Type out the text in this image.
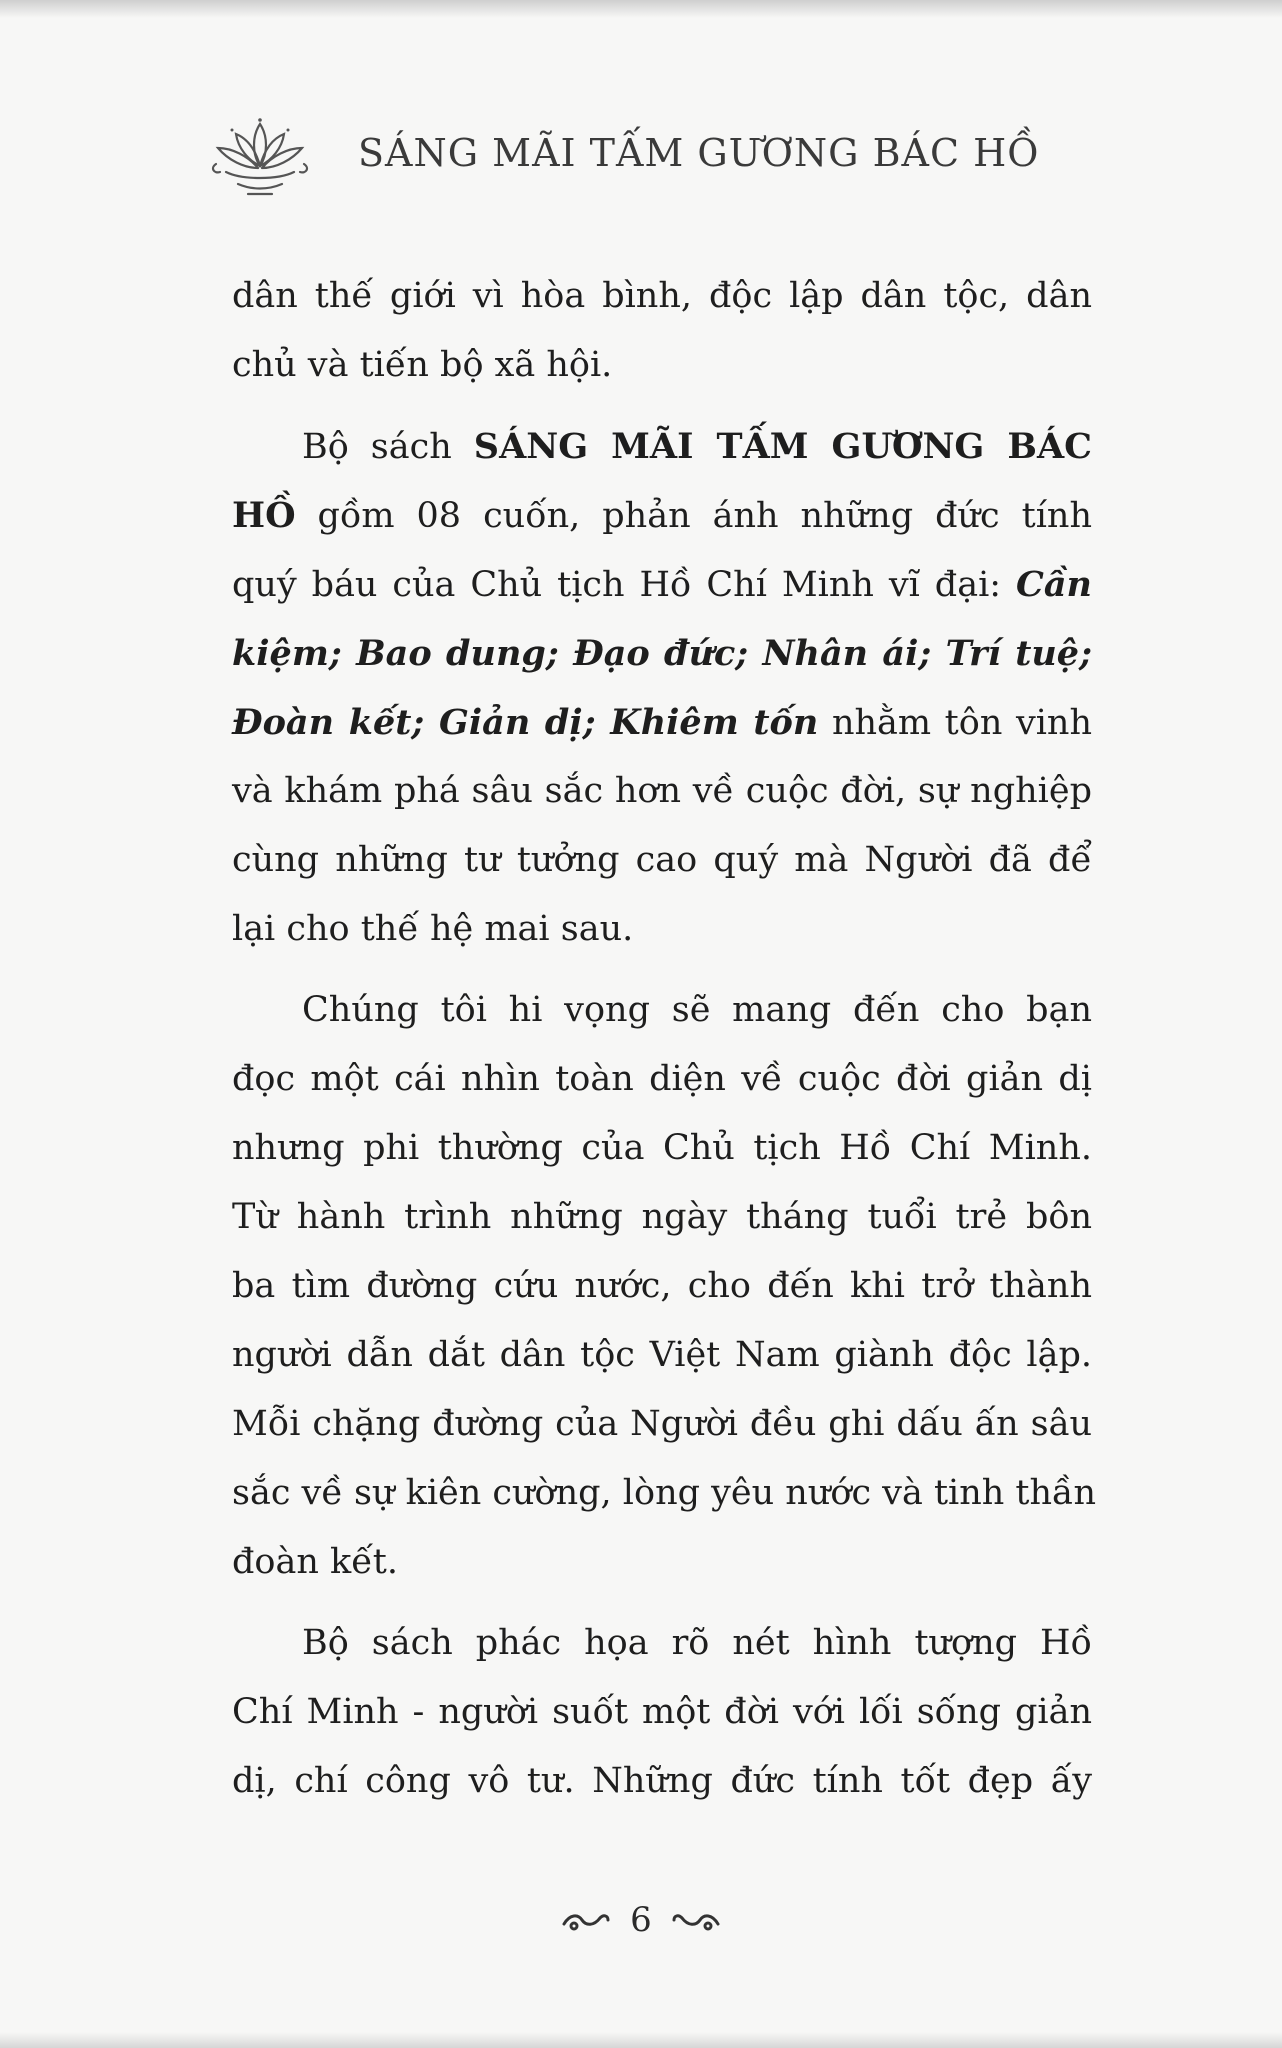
SÁNG MÃI TẤM GƯƠNG BÁC HỒ
dân thế giới vì hòa bình, độc lập dân tộc, dân
chủ và tiến bộ xã hội.
Bộ sách SÁNG MÃI TẤM GƯƠNG BÁC
HỒ gồm 08 cuốn, phản ánh những đức tính
quý báu của Chủ tịch Hồ Chí Minh vĩ đại: Cần
kiệm; Bao dung; Đạo đức; Nhân ái; Trí tuệ;
Đoàn kết; Giản dị; Khiêm tốn nhằm tôn vinh
và khám phá sâu sắc hơn về cuộc đời, sự nghiệp
cùng những tư tưởng cao quý mà Người đã để
lại cho thế hệ mai sau.
Chúng tôi hi vọng sẽ mang đến cho bạn
đọc một cái nhìn toàn diện về cuộc đời giản dị
nhưng phi thường của Chủ tịch Hồ Chí Minh.
Từ hành trình những ngày tháng tuổi trẻ bôn
ba tìm đường cứu nước, cho đến khi trở thành
người dẫn dắt dân tộc Việt Nam giành độc lập.
Mỗi chặng đường của Người đều ghi dấu ấn sâu
sắc về sự kiên cường, lòng yêu nước và tinh thần
đoàn kết.
Bộ sách phác họa rõ nét hình tượng Hồ
Chí Minh - người suốt một đời với lối sống giản
dị, chí công vô tư. Những đức tính tốt đẹp ấy
6
